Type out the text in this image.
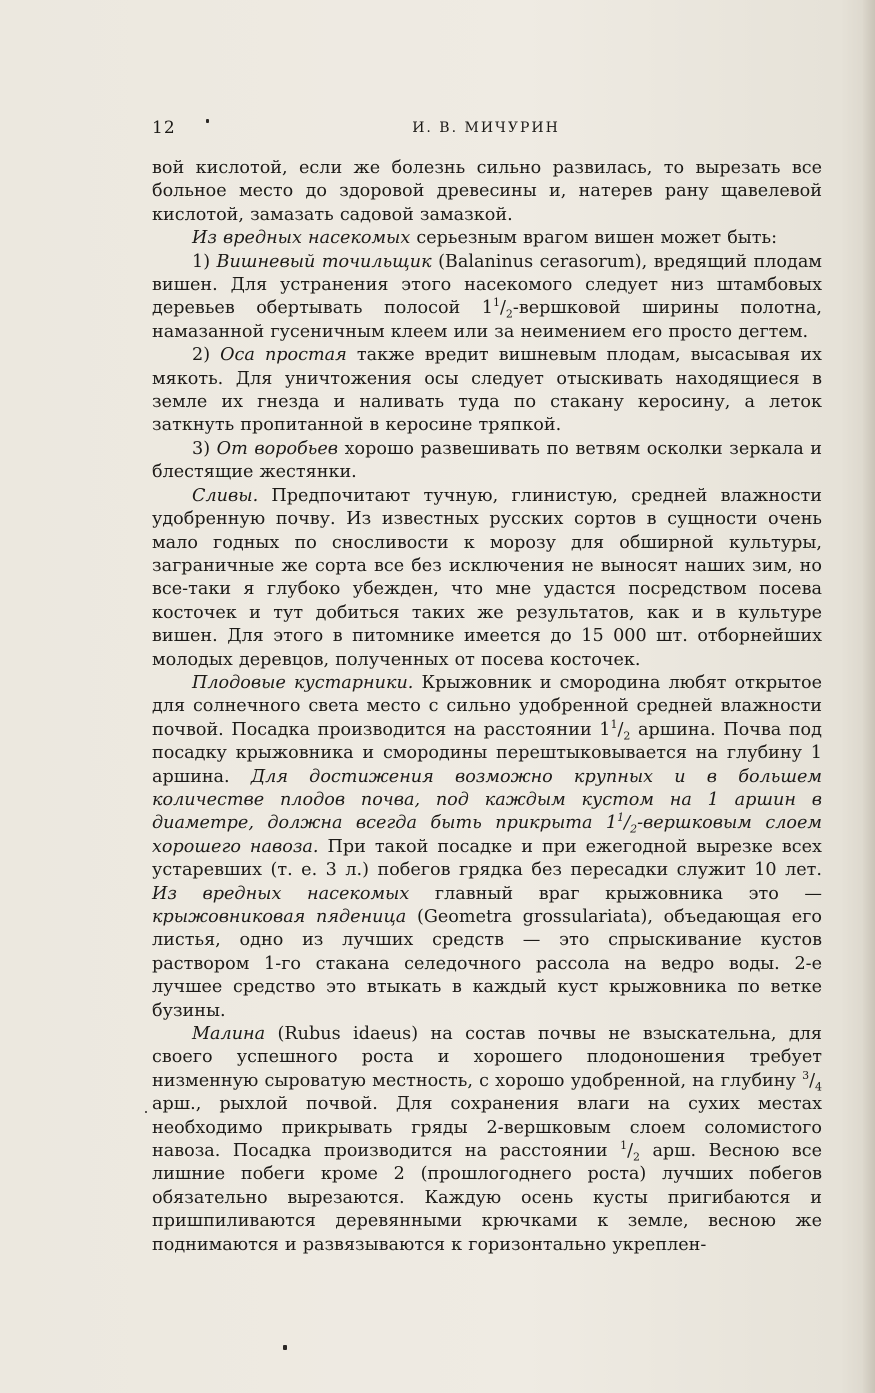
12	И. В. МИЧУРИН

вой кислотой, если же болезнь сильно развилась, то вырезать все больное место до здоровой древесины и, натерев рану щавелевой кислотой, замазать садовой замазкой.

Из вредных насекомых серьезным врагом вишен может быть:

1) Вишневый точильщик (Balaninus cerasorum), вредящий плодам вишен. Для устранения этого насекомого следует низ штамбовых деревьев обертывать полосой $1^1/_2$-вершковой ширины полотна, намазанной гусеничным клеем или за неимением его просто дегтем.

2) Оса простая также вредит вишневым плодам, высасывая их мякоть. Для уничтожения осы следует отыскивать находящиеся в земле их гнезда и наливать туда по стакану керосину, а леток заткнуть пропитанной в керосине тряпкой.

3) От воробьев хорошо развешивать по ветвям осколки зеркала и блестящие жестянки.

Сливы. Предпочитают тучную, глинистую, средней влажности удобренную почву. Из известных русских сортов в сущности очень мало годных по сносливости к морозу для обширной культуры, заграничные же сорта все без исключения не выносят наших зим, но все-таки я глубоко убежден, что мне удастся посредством посева косточек и тут добиться таких же результатов, как и в культуре вишен. Для этого в питомнике имеется до 15 000 шт. отборнейших молодых деревцов, полученных от посева косточек.

Плодовые кустарники. Крыжовник и смородина любят открытое для солнечного света место с сильно удобренной средней влажности почвой. Посадка производится на расстоянии $1^1/_2$ аршина. Почва под посадку крыжовника и смородины перештыковывается на глубину 1 аршина. Для достижения возможно крупных и в большем количестве плодов почва, под каждым кустом на 1 аршин в диаметре, должна всегда быть прикрыта $1^1/_2$-вершковым слоем хорошего навоза. При такой посадке и при ежегодной вырезке всех устаревших (т. е. 3 л.) побегов грядка без пересадки служит 10 лет. Из вредных насекомых главный враг крыжовника это — крыжовниковая пяденица (Geometra grossulariata), объедающая его листья, одно из лучших средств — это спрыскивание кустов раствором 1-го стакана селедочного рассола на ведро воды. 2-е лучшее средство это втыкать в каждый куст крыжовника по ветке бузины.

Малина (Rubus idaeus) на состав почвы не взыскательна, для своего успешного роста и хорошего плодоношения требует низменную сыроватую местность, с хорошо удобренной, на глубину $^3/_4$ арш., рыхлой почвой. Для сохранения влаги на сухих местах необходимо прикрывать гряды 2-вершковым слоем соломистого навоза. Посадка производится на расстоянии $^1/_2$ арш. Весною все лишние побеги кроме 2 (прошлогоднего роста) лучших побегов обязательно вырезаются. Каждую осень кусты пригибаются и пришпиливаются деревянными крючками к земле, весною же поднимаются и развязываются к горизонтально укреплен-
